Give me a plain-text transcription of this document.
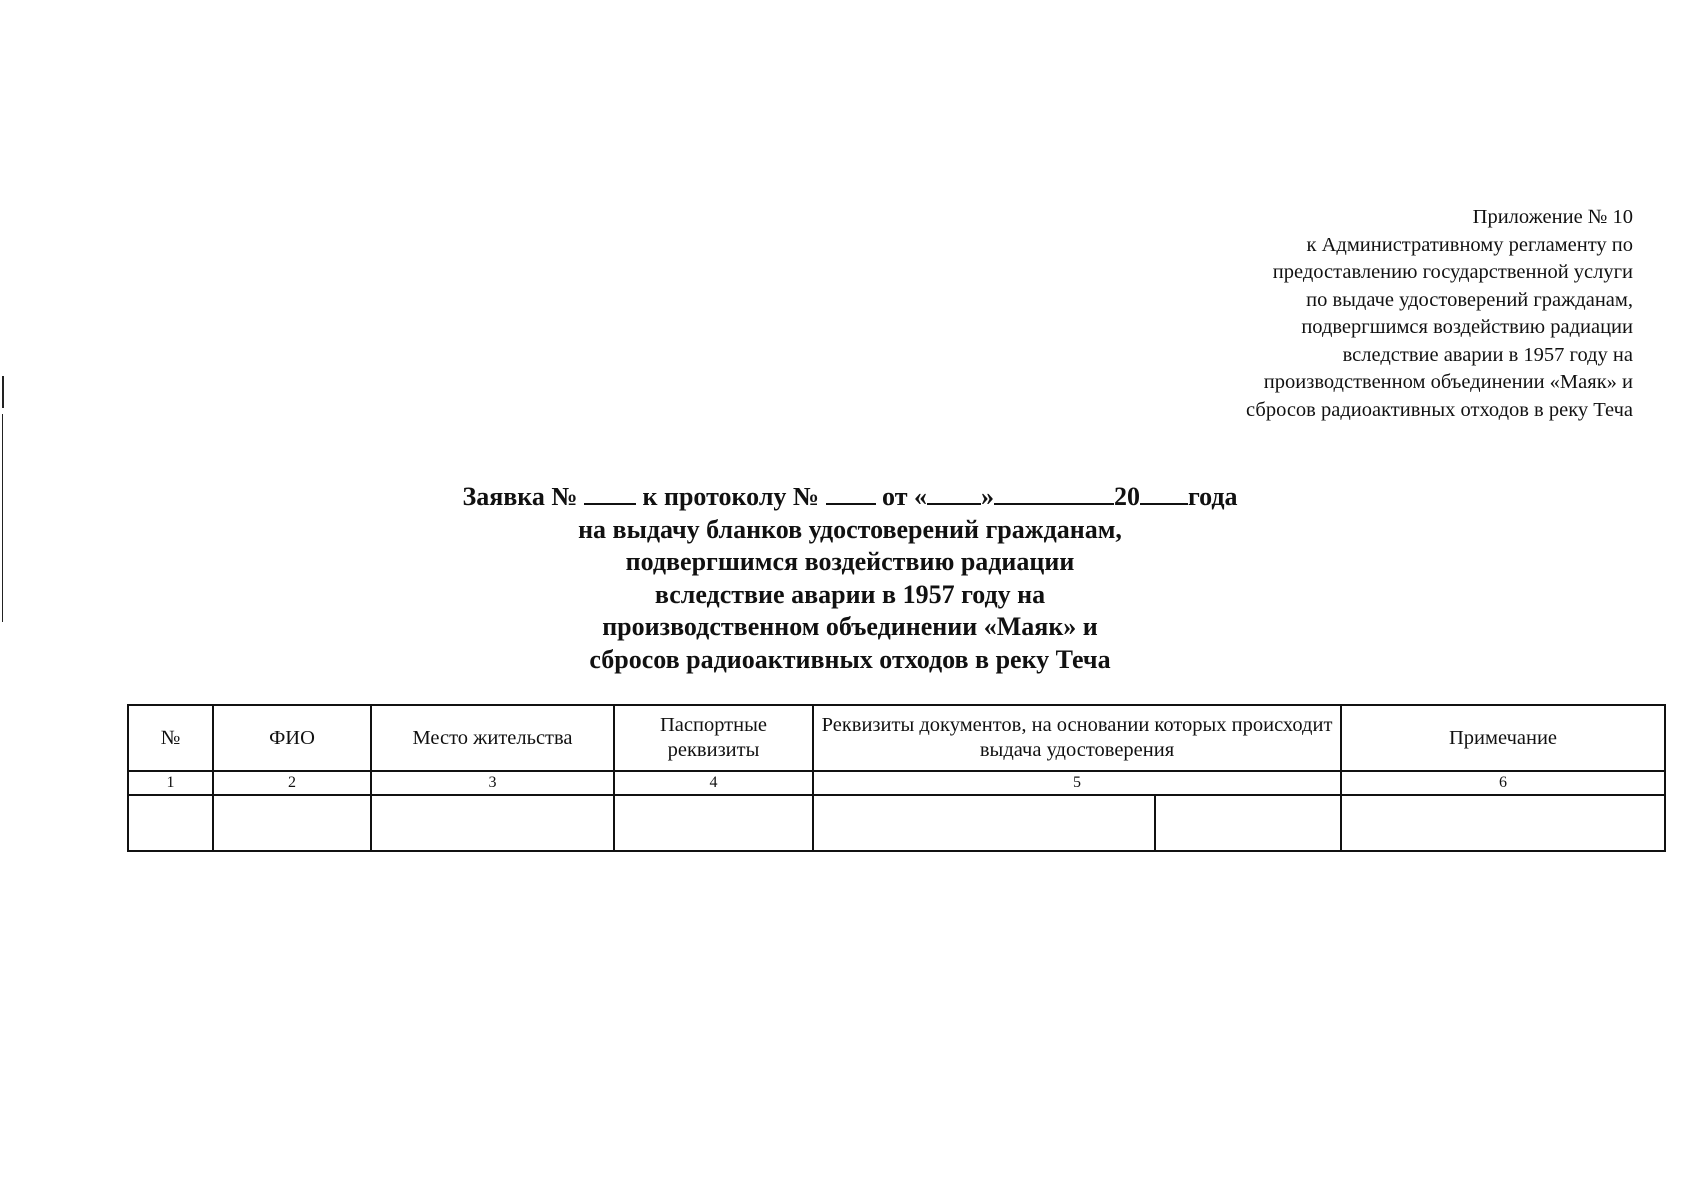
Приложение № 10
к Административному регламенту по
предоставлению государственной услуги
по выдаче удостоверений гражданам,
подвергшимся воздействию радиации
вследствие аварии в 1957 году на
производственном объединении «Маяк» и
сбросов радиоактивных отходов в реку Теча
Заявка №	к протоколу № от « »	20 года
на выдачу бланков удостоверений гражданам,
подвергшимся воздействию радиации
вследствие аварии в 1957 году на
производственном объединении «Маяк» и
сбросов радиоактивных отходов в реку Теча
№	ФИО	Место жительства	Паспортные реквизиты	Реквизиты документов, на основании которых происходит выдача удостоверения		Примечание
1	2	3	4	5		6
